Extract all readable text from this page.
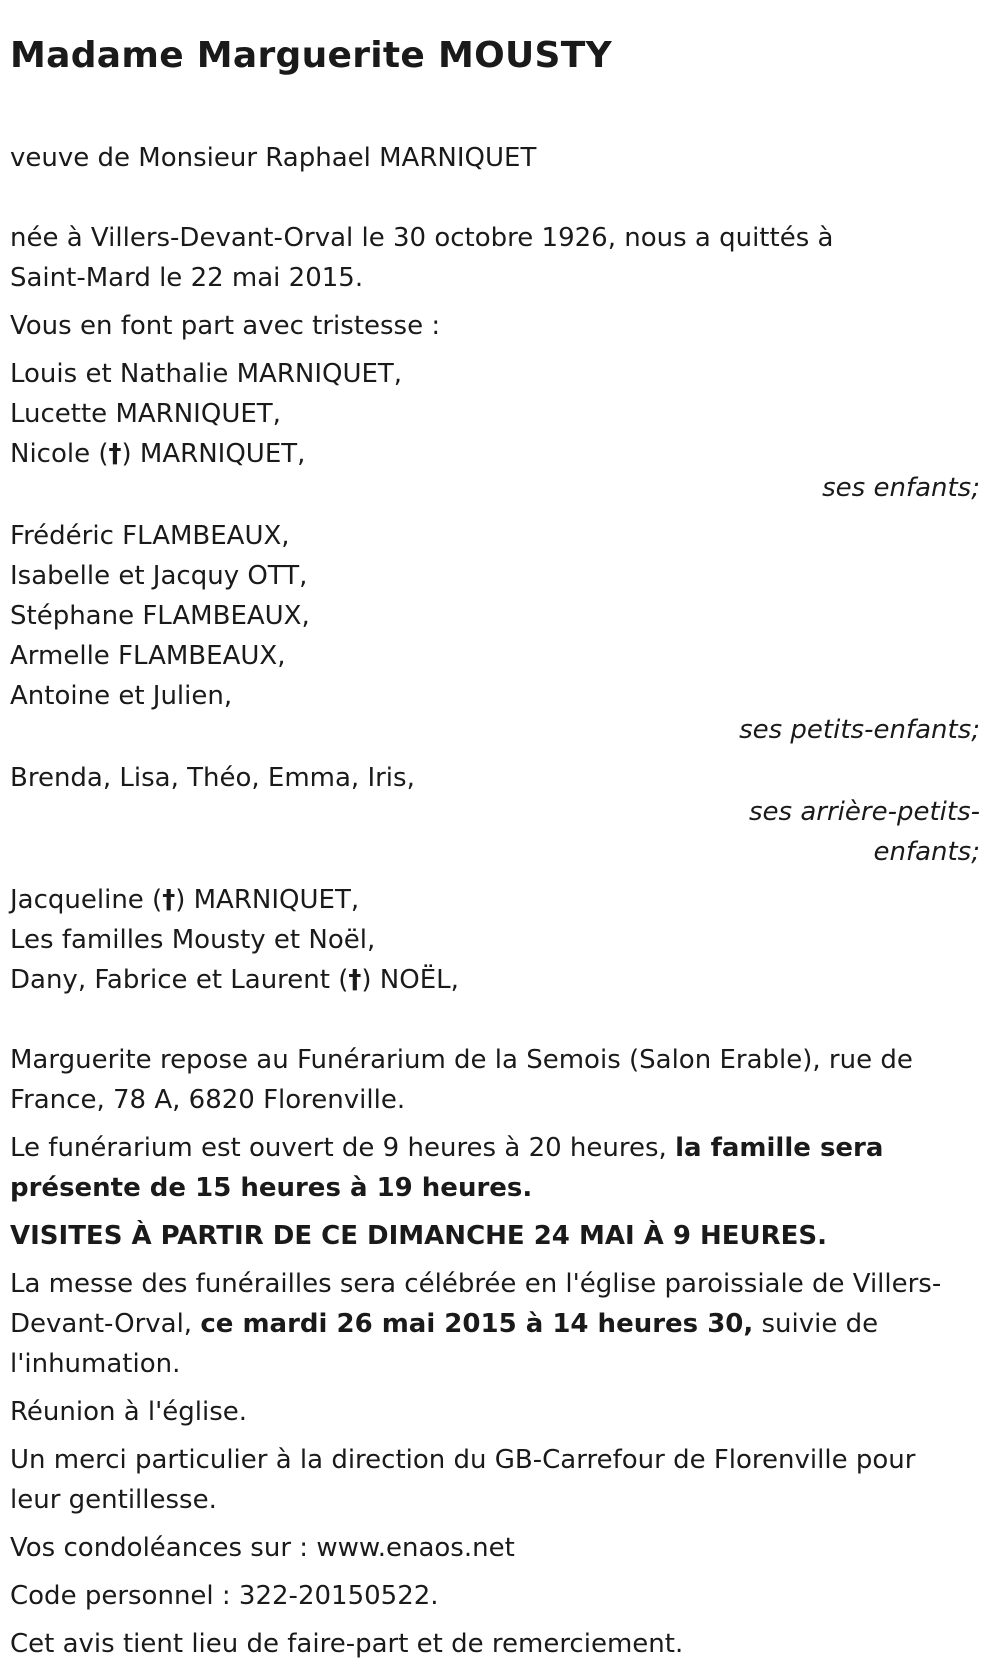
Madame Marguerite MOUSTY

veuve de Monsieur Raphael MARNIQUET

née à Villers-Devant-Orval le 30 octobre 1926, nous a quittés à
Saint-Mard le 22 mai 2015.

Vous en font part avec tristesse :

Louis et Nathalie MARNIQUET,
Lucette MARNIQUET,
Nicole (†) MARNIQUET,
ses enfants;
Frédéric FLAMBEAUX,
Isabelle et Jacquy OTT,
Stéphane FLAMBEAUX,
Armelle FLAMBEAUX,
Antoine et Julien,
ses petits-enfants;
Brenda, Lisa, Théo, Emma, Iris,
ses arrière-petits-
enfants;
Jacqueline (†) MARNIQUET,
Les familles Mousty et Noël,
Dany, Fabrice et Laurent (†) NOËL,

Marguerite repose au Funérarium de la Semois (Salon Erable), rue de
France, 78 A, 6820 Florenville.

Le funérarium est ouvert de 9 heures à 20 heures, la famille sera
présente de 15 heures à 19 heures.

VISITES À PARTIR DE CE DIMANCHE 24 MAI À 9 HEURES.

La messe des funérailles sera célébrée en l'église paroissiale de Villers-
Devant-Orval, ce mardi 26 mai 2015 à 14 heures 30, suivie de
l'inhumation.

Réunion à l'église.

Un merci particulier à la direction du GB-Carrefour de Florenville pour
leur gentillesse.

Vos condoléances sur : www.enaos.net

Code personnel : 322-20150522.

Cet avis tient lieu de faire-part et de remerciement.
